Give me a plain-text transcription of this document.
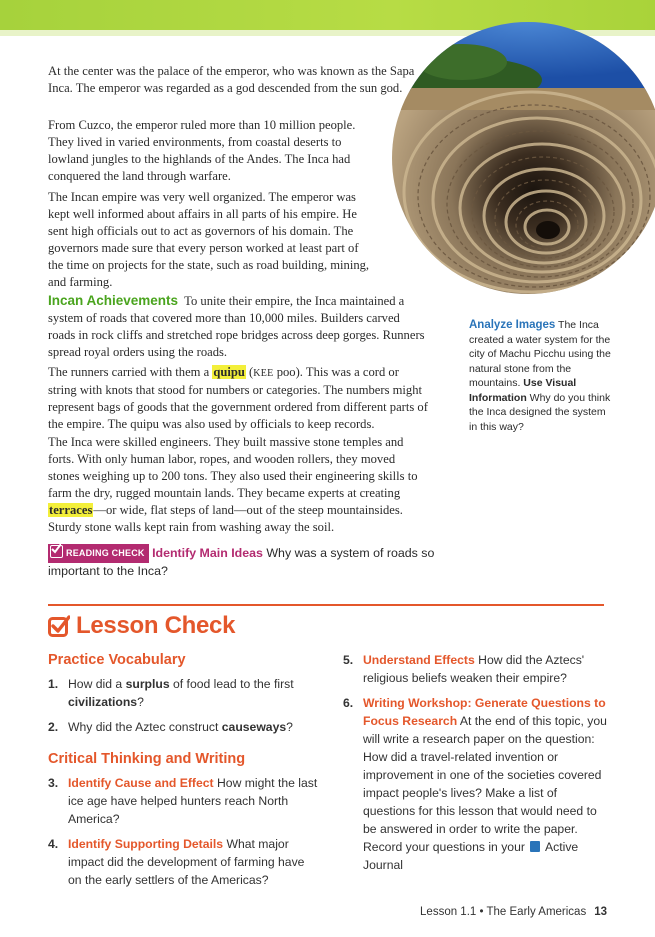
At the center was the palace of the emperor, who was known as the Sapa Inca. The emperor was regarded as a god descended from the sun god.

From Cuzco, the emperor ruled more than 10 million people. They lived in varied environments, from coastal deserts to lowland jungles to the highlands of the Andes. The Inca had conquered the land through warfare.

The Incan empire was very well organized. The emperor was kept well informed about affairs in all parts of his empire. He sent high officials out to act as governors of his domain. The governors made sure that every person worked at least part of the time on projects for the state, such as road building, mining, and farming.

Incan Achievements To unite their empire, the Inca maintained a system of roads that covered more than 10,000 miles. Builders carved roads in rock cliffs and stretched rope bridges across deep gorges. Runners spread royal orders using the roads.

The runners carried with them a quipu (KEE poo). This was a cord or string with knots that stood for numbers or categories. The numbers might represent bags of goods that the government ordered from different parts of the empire. The quipu was also used by officials to keep records.

The Inca were skilled engineers. They built massive stone temples and forts. With only human labor, ropes, and wooden rollers, they moved stones weighing up to 200 tons. They also used their engineering skills to farm the dry, rugged mountain lands. They became experts at creating terraces—or wide, flat steps of land—out of the steep mountainsides. Sturdy stone walls kept rain from washing away the soil.

Analyze Images The Inca created a water system for the city of Machu Picchu using the natural stone from the mountains. Use Visual Information Why do you think the Inca designed the system in this way?
READING CHECK Identify Main Ideas Why was a system of roads so important to the Inca?
Lesson Check
Practice Vocabulary
1. How did a surplus of food lead to the first civilizations?
2. Why did the Aztec construct causeways?
Critical Thinking and Writing
3. Identify Cause and Effect How might the last ice age have helped hunters reach North America?
4. Identify Supporting Details What major impact did the development of farming have on the early settlers of the Americas?
5. Understand Effects How did the Aztecs' religious beliefs weaken their empire?
6. Writing Workshop: Generate Questions to Focus Research At the end of this topic, you will write a research paper on the question: How did a travel-related invention or improvement in one of the societies covered impact people's lives? Make a list of questions for this lesson that would need to be answered in order to write the paper. Record your questions in your  Active Journal
Lesson 1.1 • The Early Americas 13
